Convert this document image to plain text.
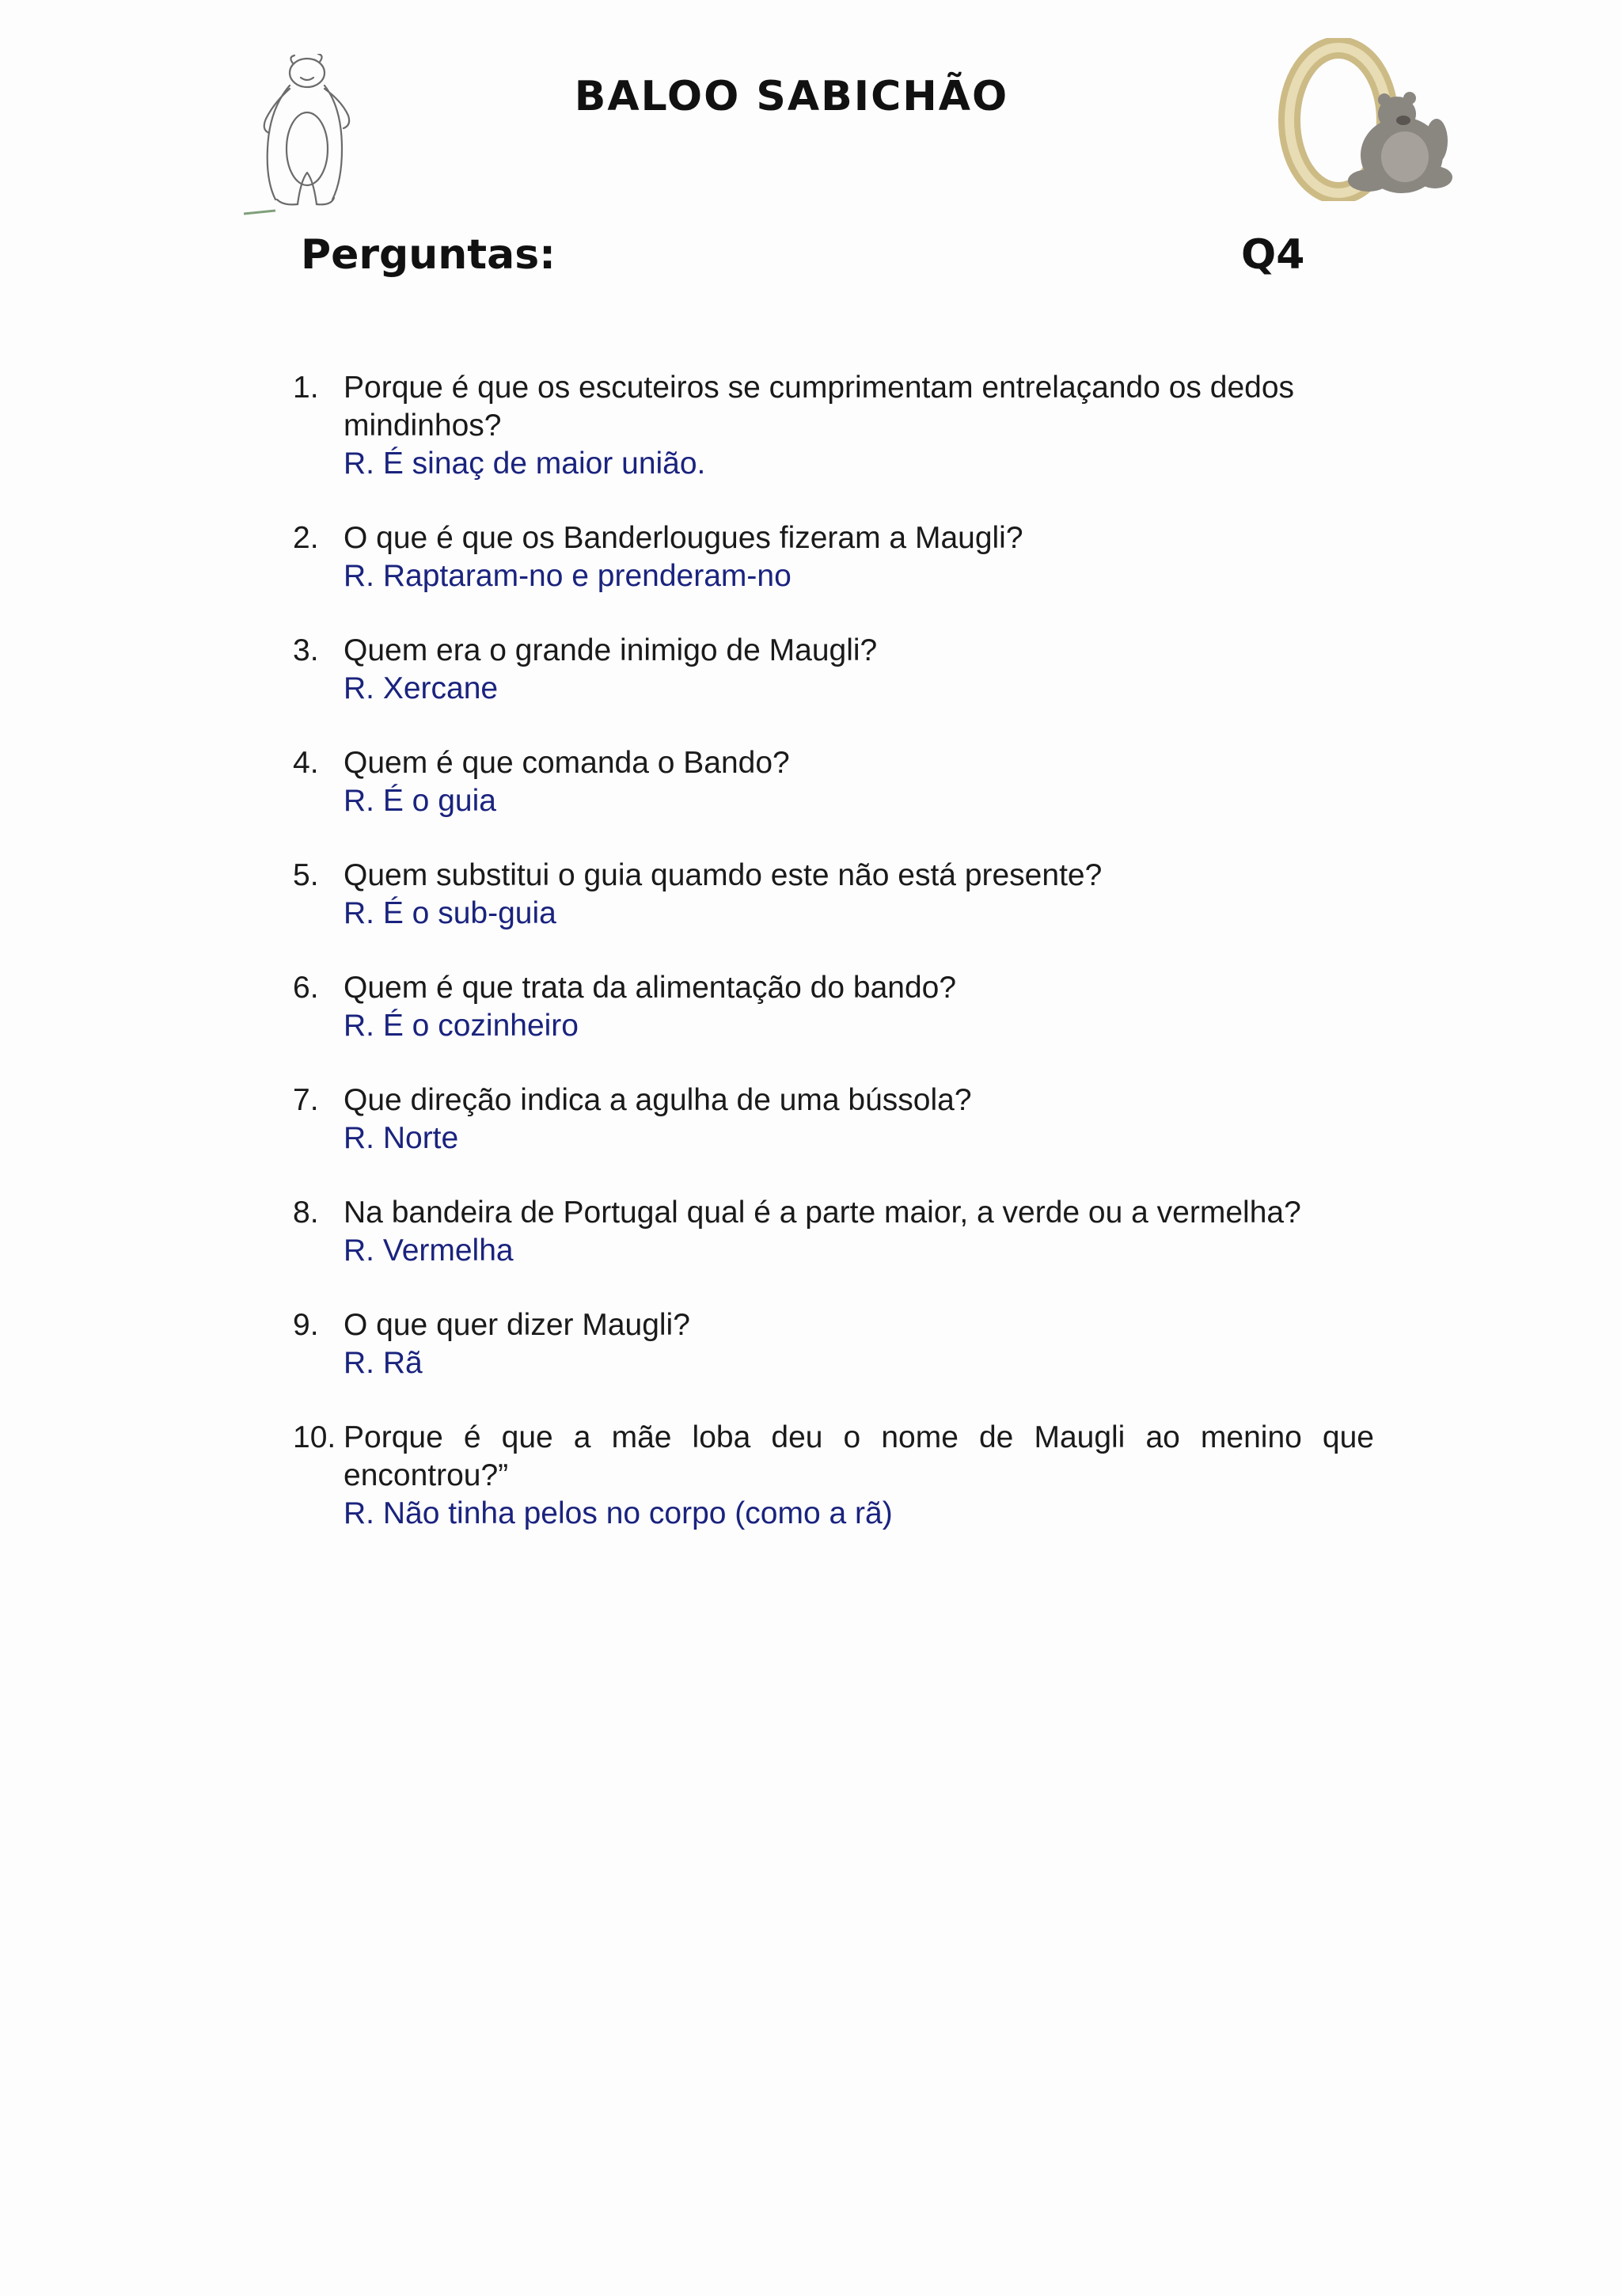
BALOO SABICHÃO
Perguntas:	Q4
1. Porque é que os escuteiros se cumprimentam entrelaçando os dedos mindinhos?
R. É sinaç de maior união.
2. O que é que os Banderlougues fizeram a Maugli?
R. Raptaram-no e prenderam-no
3. Quem era o grande inimigo de Maugli?
R. Xercane
4. Quem é que comanda o Bando?
R. É o guia
5. Quem substitui o guia quamdo este não está presente?
R. É o sub-guia
6. Quem é que trata da alimentação do bando?
R. É o cozinheiro
7. Que direção indica a agulha de uma bússola?
R. Norte
8. Na bandeira de Portugal qual é a parte maior, a verde ou a vermelha?
R. Vermelha
9. O que quer dizer Maugli?
R. Rã
10. Porque é que a mãe loba deu o nome de Maugli ao menino que encontrou?”
R. Não tinha pelos no corpo (como a rã)
